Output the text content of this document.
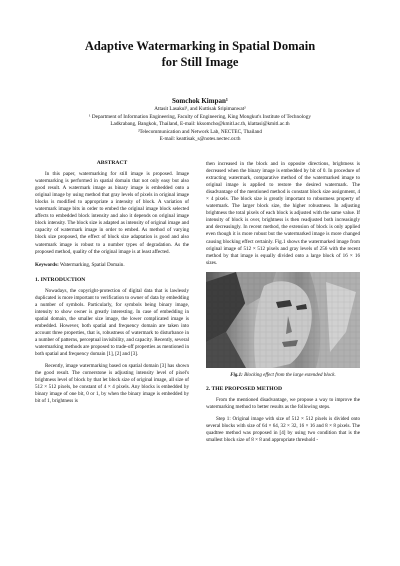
Adaptive Watermarking in Spatial Domain
for Still Image
Somchok Kimpan¹
Attasit Lasakul¹, and Kuttisak Sripimanwat²
¹ Department of Information Engineering, Faculty of Engineering, King Mongkut's Institute of Technology
Ladkrabang, Bangkok, Thailand, E-mail: kksomcho@kmitl.ac.th, klattasi@kmitl.ac.th
²Telecommunication and Network Lab, NECTEC, Thailand
E-mail: keattisak_s@notes.nectec.or.th
ABSTRACT

In this paper, watermarking for still image is proposed. Image watermarking is performed in spatial domain that not only easy but also good result. A watermark image as binary image is embedded onto a original image by using method that gray levels of pixels in original image blocks is modified to appropriate a intensity of block. A variation of watermark image bits in order to embed the original image block selected affects to embedded block intensity and also it depends on original image block intensity. The block size is adapted as intensity of original image and capacity of watermark image in order to embed. As method of varying block size proposed, the effect of block size adaptation is good and also watermark image is robust to a number types of degradation. As the proposed method, quality of the original image is at least affected.

Keywords: Watermarking, Spatial Domain.
1. INTRODUCTION

Nowadays, the copyright-protection of digital data that is lawlessly duplicated is more important to verification to owner of data by embedding a number of symbols. Particularly, for symbols being binary image, intensity to show owner is greatly interesting. In case of embedding in spatial domain, the smaller size image, the lower complicated image is embedded. However, both spatial and frequency domain are taken into account three properties, that is, robustness of watermark to disturbance in a number of patterns, perceptual invisibility, and capacity. Recently, several watermarking methods are proposed to trade-off properties as mentioned in both spatial and frequency domain [1], [2] and [3].

Recently, image watermarking based on spatial domain [3] has shown the good result. The cornerstone is adjusting intensity level of pixel's brightness level of block by that let block size of original image, all size of 512 × 512 pixels, be constant of 4 × 4 pixels. Any blocks is embedded by binary image of one bit, 0 or 1, by when the binary image is embedded by bit of 1, brightness is

then increased in the block and in opposite directions, brightness is decreased when the binary image is embedded by bit of 0. In procedure of extracting watermark, comparative method of the watermarked image to original image is applied to restore the desired watermark. The disadvantage of the mentioned method is constant block size assignment, 4 × 4 pixels. The block size is greatly important to robustness property of watermark. The larger block size, the higher robustness. In adjusting brightness the total pixels of each block is adjusted with the same value. If intensity of block is over, brightness is then readjusted both increasingly and decreasingly. In recent method, the extension of block is only applied even though it is more robust but the watermarked image is more changed causing blocking effect certainly. Fig.1 shows the watermarked image from original image of 512 × 512 pixels and gray levels of 256 with the recent method by that image is equally divided onto a large block of 16 × 16 sizes.

Fig.1: Blocking effect from the large extended block.
2. THE PROPOSED METHOD

From the mentioned disadvantage, we propose a way to improve the watermarking method to better results as the following steps.

Step 1: Original image with size of 512 × 512 pixels is divided onto several blocks with size of 64 × 64, 32 × 32, 16 × 16 and 8 × 8 pixels. The quadtree method was proposed in [4] by using two condition that is the smallest block size of 8 × 8 and appropriate threshold -
